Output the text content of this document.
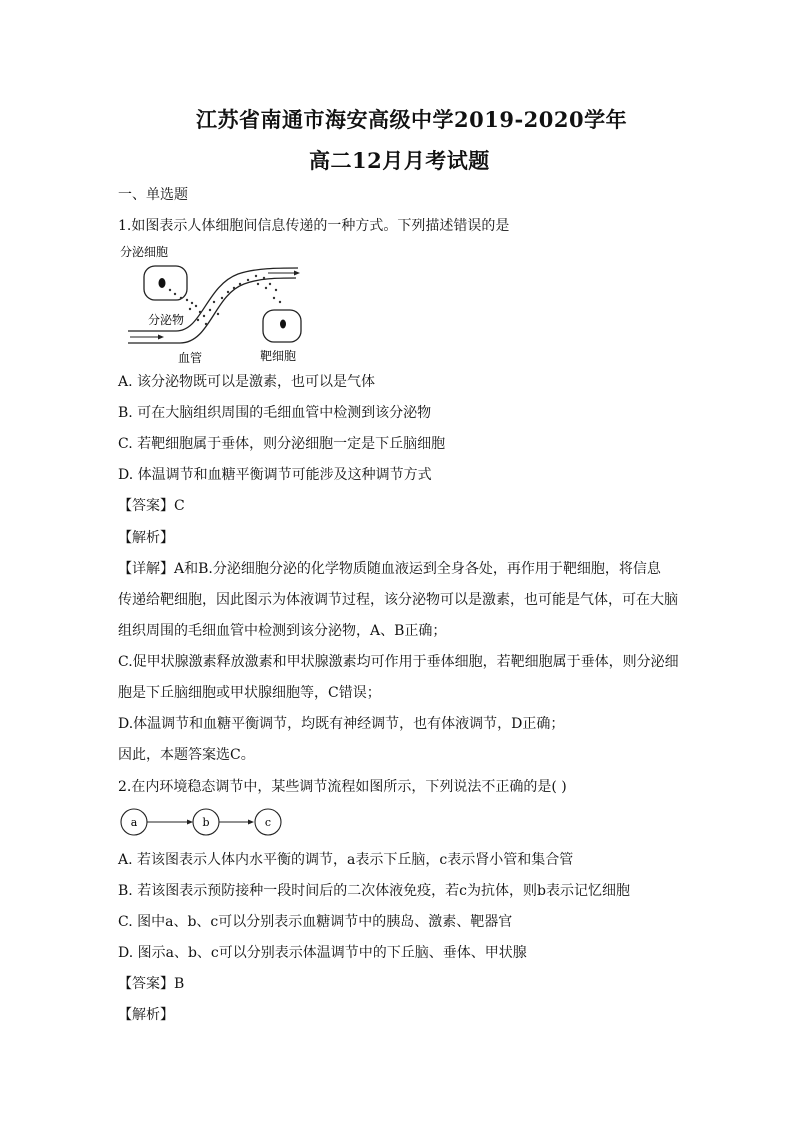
江苏省南通市海安高级中学2019-2020学年
高二12月月考试题
一、单选题
1.如图表示人体细胞间信息传递的一种方式。下列描述错误的是
分泌细胞
分泌物
血管	靶细胞
A. 该分泌物既可以是激素，也可以是气体
B. 可在大脑组织周围的毛细血管中检测到该分泌物
C. 若靶细胞属于垂体，则分泌细胞一定是下丘脑细胞
D. 体温调节和血糖平衡调节可能涉及这种调节方式
【答案】C
【解析】
【详解】A和B.分泌细胞分泌的化学物质随血液运到全身各处，再作用于靶细胞，将信息
传递给靶细胞，因此图示为体液调节过程，该分泌物可以是激素，也可能是气体，可在大脑
组织周围的毛细血管中检测到该分泌物，A、B正确；
C.促甲状腺激素释放激素和甲状腺激素均可作用于垂体细胞，若靶细胞属于垂体，则分泌细
胞是下丘脑细胞或甲状腺细胞等，C错误；
D.体温调节和血糖平衡调节，均既有神经调节，也有体液调节，D正确；
因此，本题答案选C。
2.在内环境稳态调节中，某些调节流程如图所示，下列说法不正确的是( )
a	b	c
A. 若该图表示人体内水平衡的调节，a表示下丘脑，c表示肾小管和集合管
B. 若该图表示预防接种一段时间后的二次体液免疫，若c为抗体，则b表示记忆细胞
C. 图中a、b、c可以分别表示血糖调节中的胰岛、激素、靶器官
D. 图示a、b、c可以分别表示体温调节中的下丘脑、垂体、甲状腺
【答案】B
【解析】
